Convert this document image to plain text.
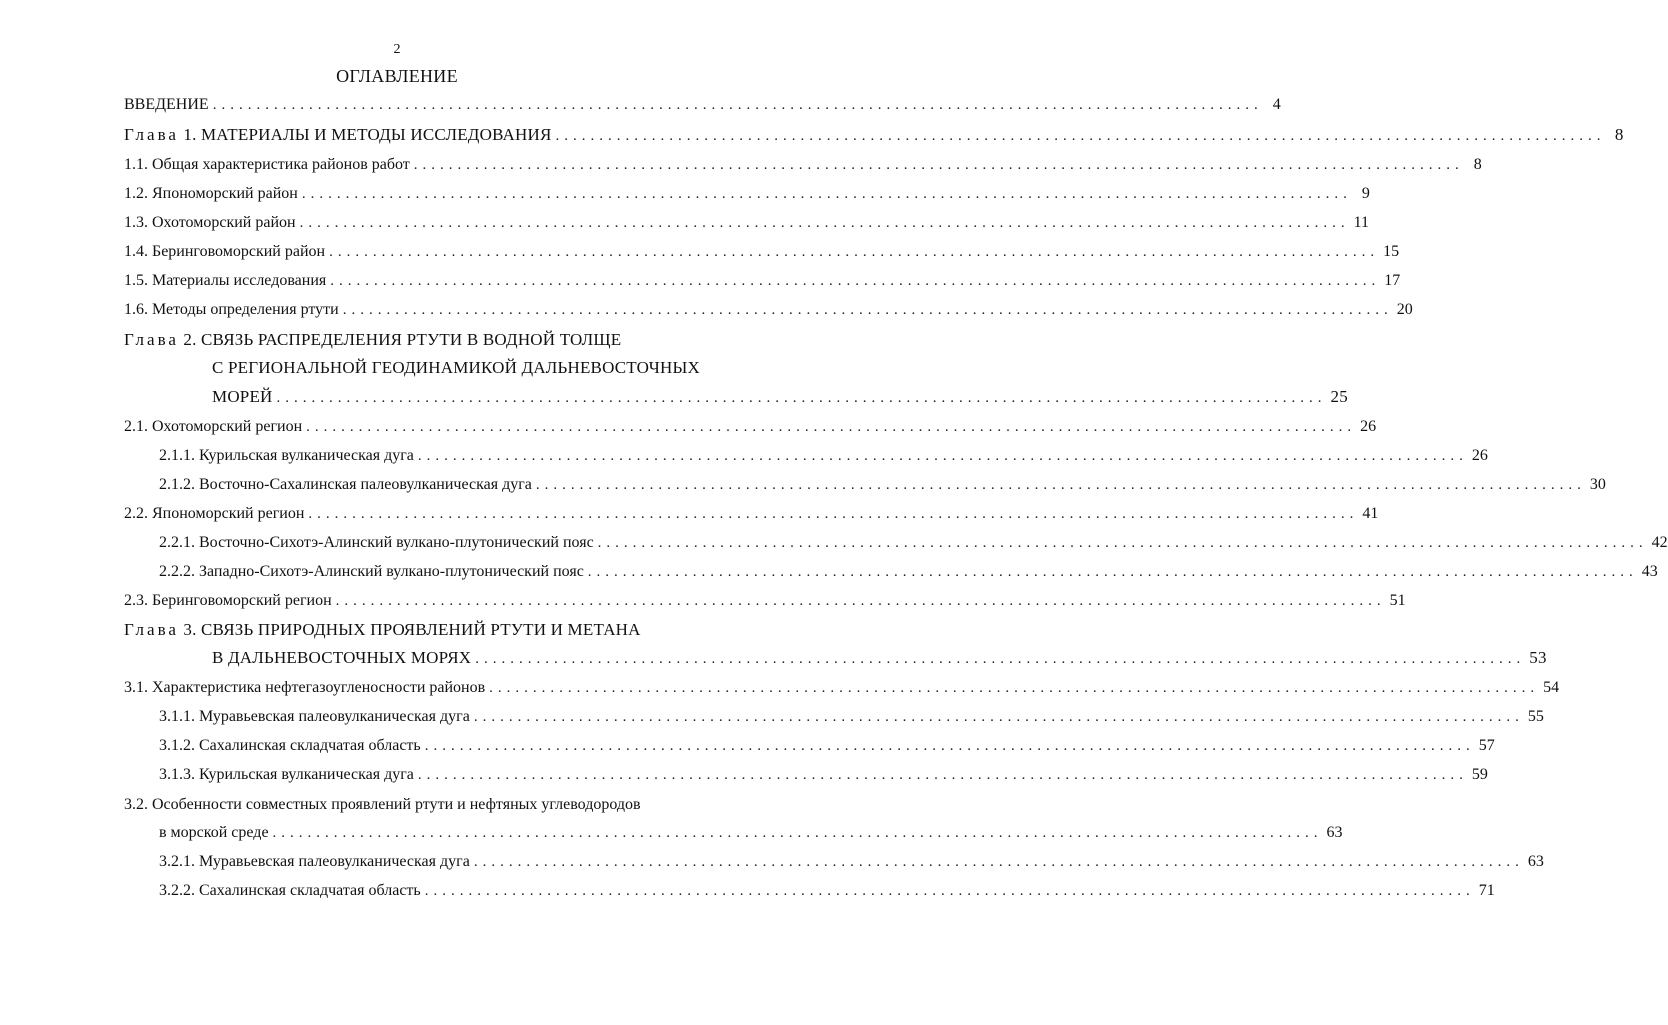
2
ОГЛАВЛЕНИЕ
ВВЕДЕНИЕ ........................................................................................................................ 4
Глава 1. МАТЕРИАЛЫ И МЕТОДЫ ИССЛЕДОВАНИЯ ........................................................................................................................ 8
1.1. Общая характеристика районов работ ........................................................................................................................ 8
1.2. Япономорский район ........................................................................................................................ 9
1.3. Охотоморский район ........................................................................................................................ 11
1.4. Беринговоморский район ........................................................................................................................ 15
1.5. Материалы исследования ........................................................................................................................ 17
1.6. Методы определения ртути ........................................................................................................................ 20
Глава 2. СВЯЗЬ РАСПРЕДЕЛЕНИЯ РТУТИ В ВОДНОЙ ТОЛЩЕ
С РЕГИОНАЛЬНОЙ ГЕОДИНАМИКОЙ ДАЛЬНЕВОСТОЧНЫХ
МОРЕЙ ........................................................................................................................ 25
2.1. Охотоморский регион ........................................................................................................................ 26
2.1.1. Курильская вулканическая дуга ........................................................................................................................ 26
2.1.2. Восточно-Сахалинская палеовулканическая дуга ........................................................................................................................ 30
2.2. Япономорский регион ........................................................................................................................ 41
2.2.1. Восточно-Сихотэ-Алинский вулкано-плутонический пояс ........................................................................................................................ 42
2.2.2. Западно-Сихотэ-Алинский вулкано-плутонический пояс ........................................................................................................................ 43
2.3. Беринговоморский регион ........................................................................................................................ 51
Глава 3. СВЯЗЬ ПРИРОДНЫХ ПРОЯВЛЕНИЙ РТУТИ И МЕТАНА
В ДАЛЬНЕВОСТОЧНЫХ МОРЯХ ........................................................................................................................ 53
3.1. Характеристика нефтегазоугленосности районов ........................................................................................................................ 54
3.1.1. Муравьевская палеовулканическая дуга ........................................................................................................................ 55
3.1.2. Сахалинская складчатая область ........................................................................................................................ 57
3.1.3. Курильская вулканическая дуга ........................................................................................................................ 59
3.2. Особенности совместных проявлений ртути и нефтяных углеводородов
в морской среде ........................................................................................................................ 63
3.2.1. Муравьевская палеовулканическая дуга ........................................................................................................................ 63
3.2.2. Сахалинская складчатая область ........................................................................................................................ 71
